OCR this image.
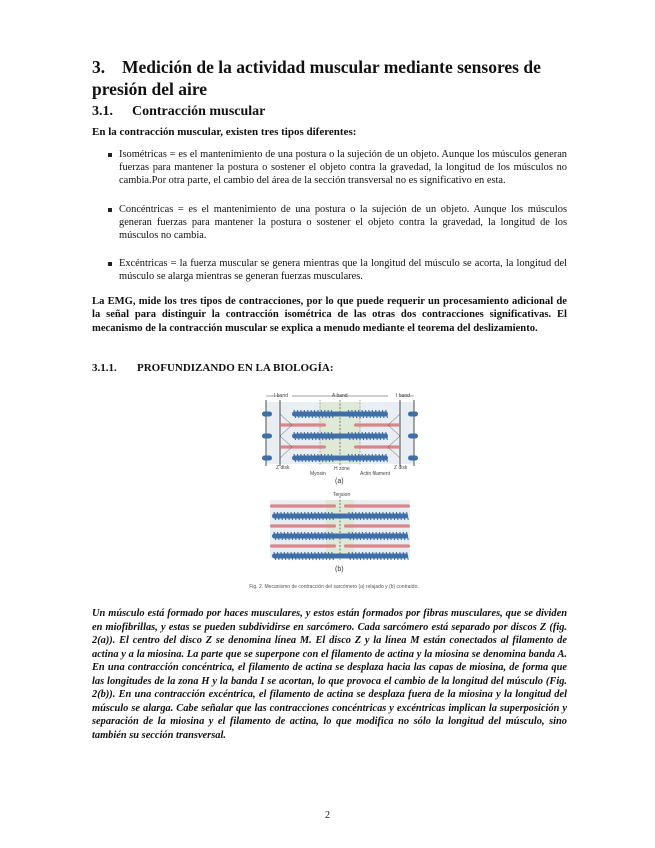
3. Medición de la actividad muscular mediante sensores de presión del aire
3.1. Contracción muscular

En la contracción muscular, existen tres tipos diferentes:

Isométricas = es el mantenimiento de una postura o la sujeción de un objeto. Aunque los músculos generan fuerzas para mantener la postura o sostener el objeto contra la gravedad, la longitud de los músculos no cambia.Por otra parte, el cambio del área de la sección transversal no es significativo en esta.
Concéntricas = es el mantenimiento de una postura o la sujeción de un objeto. Aunque los músculos generan fuerzas para mantener la postura o sostener el objeto contra la gravedad, la longitud de los músculos no cambia.
Excéntricas = la fuerza muscular se genera mientras que la longitud del músculo se acorta, la longitud del músculo se alarga mientras se generan fuerzas musculares.

La EMG, mide los tres tipos de contracciones, por lo que puede requerir un procesamiento adicional de la señal para distinguir la contracción isométrica de las otras dos contracciones significativas. El mecanismo de la contracción muscular se explica a menudo mediante el teorema del deslizamiento.

3.1.1. PROFUNDIZANDO EN LA BIOLOGÍA:
I band	A band	I band
Z disk	Z disk
Myosin
H zone
Actin filament
(a)
Tension
(b)
Fig. 2. Mecanismo de contracción del sarcómero (a) relajado y (b) contraído.

Un músculo está formado por haces musculares, y estos están formados por fibras musculares, que se dividen en miofibrillas, y estas se pueden subdividirse en sarcómero. Cada sarcómero está separado por discos Z (fig. 2(a)). El centro del disco Z se denomina línea M. El disco Z y la línea M están conectados al filamento de actina y a la miosina. La parte que se superpone con el filamento de actina y la miosina se denomina banda A. En una contracción concéntrica, el filamento de actina se desplaza hacia las capas de miosina, de forma que las longitudes de la zona H y la banda I se acortan, lo que provoca el cambio de la longitud del músculo (Fig. 2(b)). En una contracción excéntrica, el filamento de actina se desplaza fuera de la miosina y la longitud del músculo se alarga. Cabe señalar que las contracciones concéntricas y excéntricas implican la superposición y separación de la miosina y el filamento de actina, lo que modifica no sólo la longitud del músculo, sino también su sección transversal.

2
